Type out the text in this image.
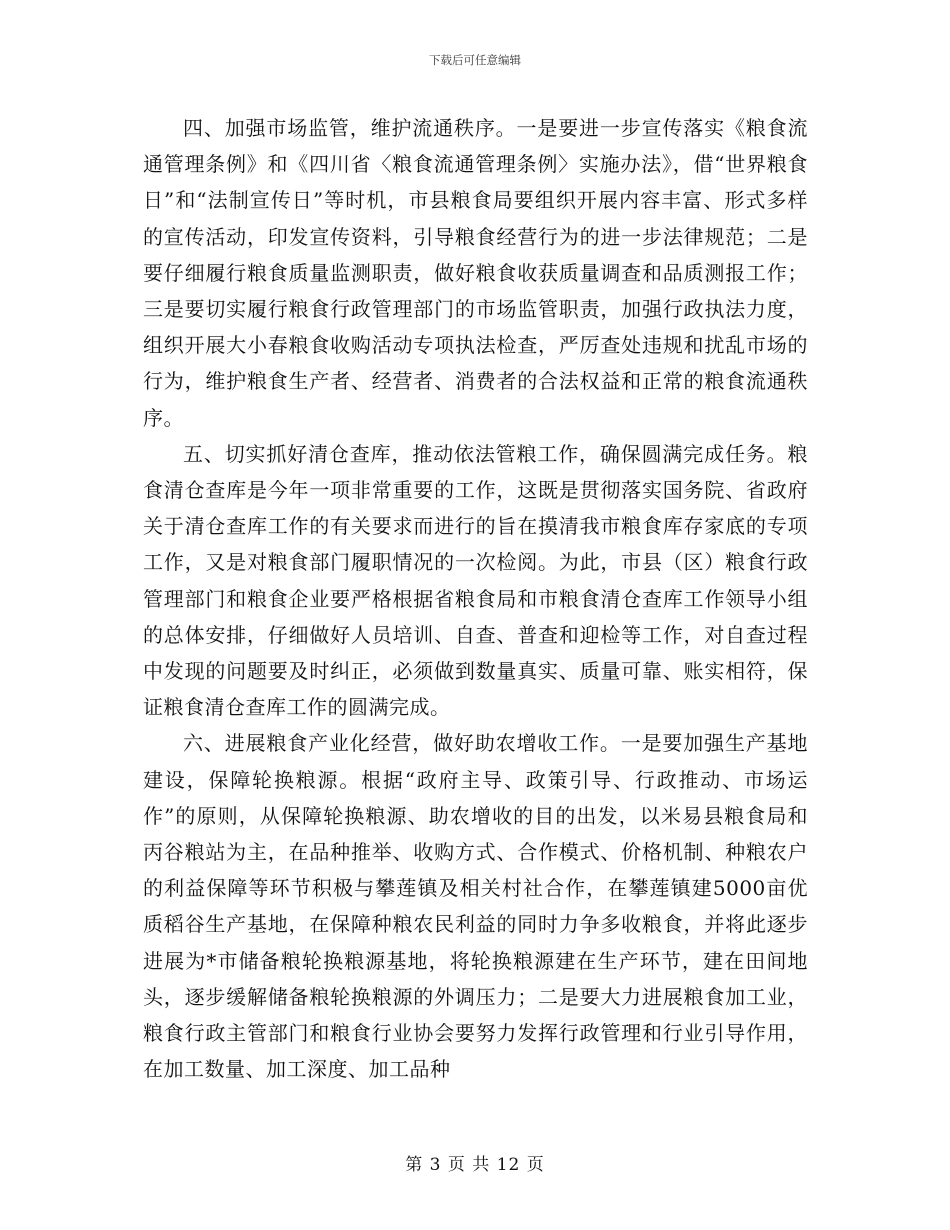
下载后可任意编辑

四、加强市场监管，维护流通秩序。一是要进一步宣传落实《粮食流通管理条例》和《四川省〈粮食流通管理条例〉实施办法》，借“世界粮食日”和“法制宣传日”等时机，市县粮食局要组织开展内容丰富、形式多样的宣传活动，印发宣传资料，引导粮食经营行为的进一步法律规范；二是要仔细履行粮食质量监测职责，做好粮食收获质量调查和品质测报工作；三是要切实履行粮食行政管理部门的市场监管职责，加强行政执法力度，组织开展大小春粮食收购活动专项执法检查，严厉查处违规和扰乱市场的行为，维护粮食生产者、经营者、消费者的合法权益和正常的粮食流通秩序。

五、切实抓好清仓查库，推动依法管粮工作，确保圆满完成任务。粮食清仓查库是今年一项非常重要的工作，这既是贯彻落实国务院、省政府关于清仓查库工作的有关要求而进行的旨在摸清我市粮食库存家底的专项工作，又是对粮食部门履职情况的一次检阅。为此，市县（区）粮食行政管理部门和粮食企业要严格根据省粮食局和市粮食清仓查库工作领导小组的总体安排，仔细做好人员培训、自查、普查和迎检等工作，对自查过程中发现的问题要及时纠正，必须做到数量真实、质量可靠、账实相符，保证粮食清仓查库工作的圆满完成。

六、进展粮食产业化经营，做好助农增收工作。一是要加强生产基地建设，保障轮换粮源。根据“政府主导、政策引导、行政推动、市场运作”的原则，从保障轮换粮源、助农增收的目的出发，以米易县粮食局和丙谷粮站为主，在品种推举、收购方式、合作模式、价格机制、种粮农户的利益保障等环节积极与攀莲镇及相关村社合作，在攀莲镇建5000亩优质稻谷生产基地，在保障种粮农民利益的同时力争多收粮食，并将此逐步进展为*市储备粮轮换粮源基地，将轮换粮源建在生产环节，建在田间地头，逐步缓解储备粮轮换粮源的外调压力；二是要大力进展粮食加工业，粮食行政主管部门和粮食行业协会要努力发挥行政管理和行业引导作用，在加工数量、加工深度、加工品种

第 3 页 共 12 页
